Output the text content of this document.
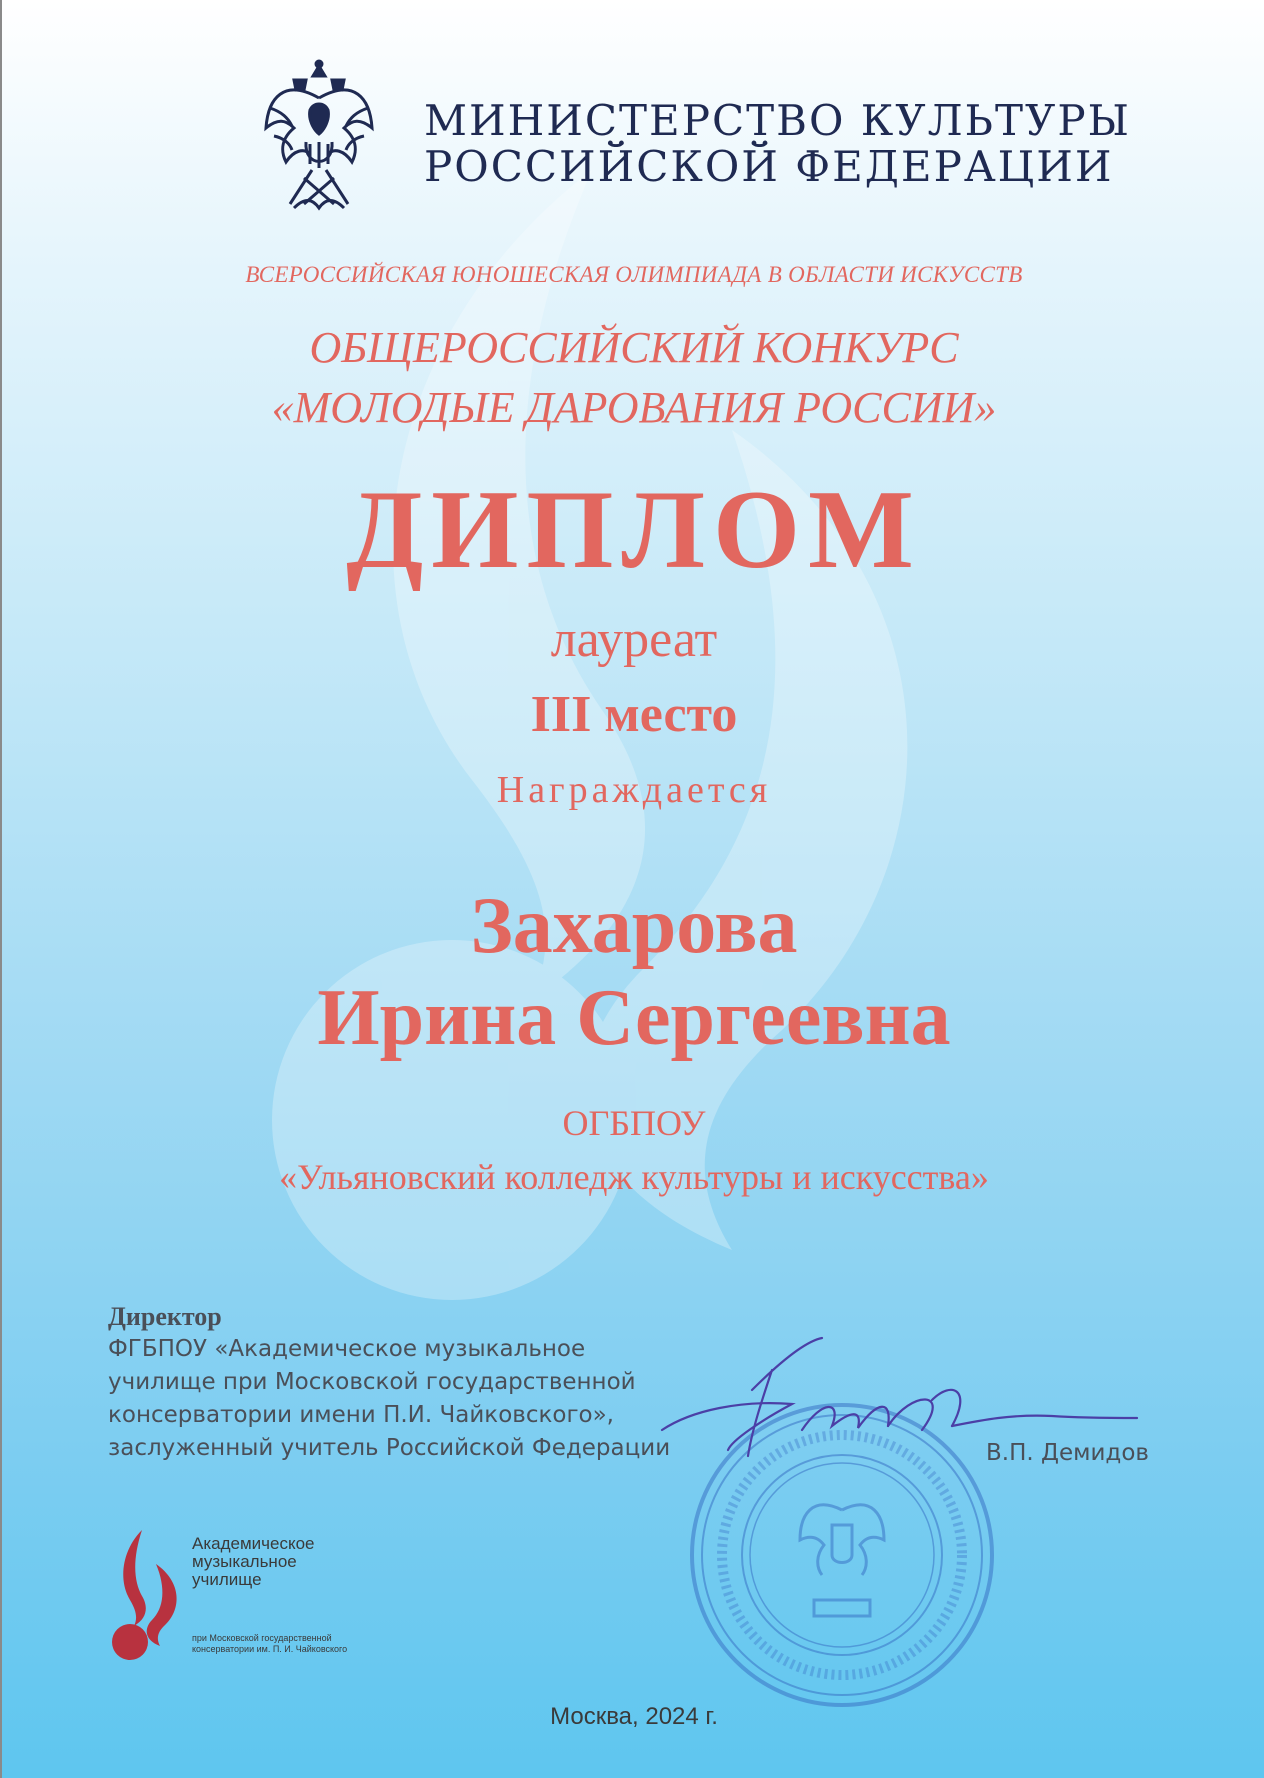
МИНИСТЕРСТВО КУЛЬТУРЫ
РОССИЙСКОЙ ФЕДЕРАЦИИ
ВСЕРОССИЙСКАЯ ЮНОШЕСКАЯ ОЛИМПИАДА В ОБЛАСТИ ИСКУССТВ
ОБЩЕРОССИЙСКИЙ КОНКУРС
«МОЛОДЫЕ ДАРОВАНИЯ РОССИИ»
ДИПЛОМ
лауреат
III место
Награждается
Захарова
Ирина Сергеевна
ОГБПОУ
«Ульяновский колледж культуры и искусства»
Директор
ФГБПОУ «Академическое музыкальное
училище при Московской государственной
консерватории имени П.И. Чайковского»,
заслуженный учитель Российской Федерации	В.П. Демидов
Академическое
музыкальное
училище
при Московской государственной
консерватории им. П. И. Чайковского
Москва, 2024 г.
